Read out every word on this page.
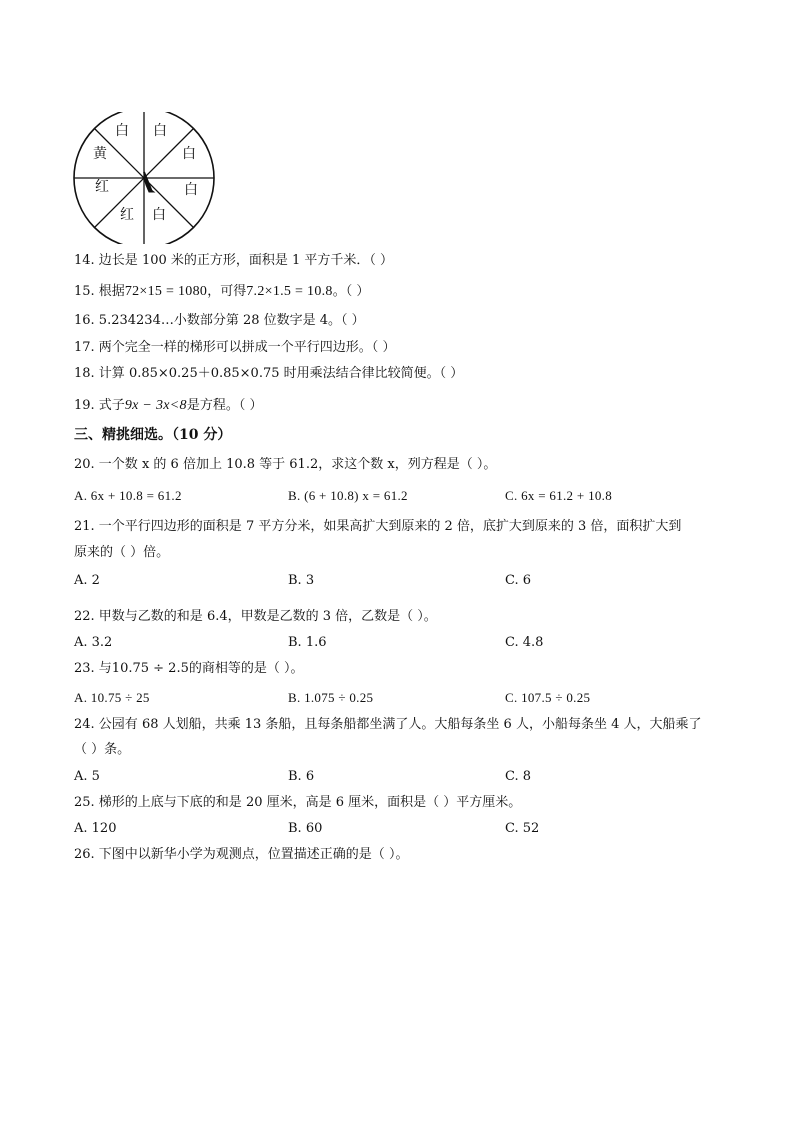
白 白
白
白
白
红
红
黄
14. 边长是 100 米的正方形，面积是 1 平方千米．（ ）
15. 根据72×15 = 1080，可得7.2×1.5 = 10.8。（ ）
16. 5.234234…小数部分第 28 位数字是 4。（ ）
17. 两个完全一样的梯形可以拼成一个平行四边形。（ ）
18. 计算 0.85×0.25＋0.85×0.75 时用乘法结合律比较简便。（ ）
19. 式子9x − 3x<8是方程。（ ）
三、精挑细选。（10 分）
20. 一个数 x 的 6 倍加上 10.8 等于 61.2，求这个数 x，列方程是（ ）。
A. 6x + 10.8 = 61.2	B. (6 + 10.8) x = 61.2	C. 6x = 61.2 + 10.8
21. 一个平行四边形的面积是 7 平方分米，如果高扩大到原来的 2 倍，底扩大到原来的 3 倍，面积扩大到
原来的（ ）倍。
A. 2	B. 3	C. 6
22. 甲数与乙数的和是 6.4，甲数是乙数的 3 倍，乙数是（ ）。
A. 3.2	B. 1.6	C. 4.8
23. 与10.75 ÷ 2.5的商相等的是（ ）。
A. 10.75 ÷ 25	B. 1.075 ÷ 0.25	C. 107.5 ÷ 0.25
24. 公园有 68 人划船，共乘 13 条船，且每条船都坐满了人。大船每条坐 6 人，小船每条坐 4 人，大船乘了
（ ）条。
A. 5	B. 6	C. 8
25. 梯形的上底与下底的和是 20 厘米，高是 6 厘米，面积是（ ）平方厘米。
A. 120	B. 60	C. 52
26. 下图中以新华小学为观测点，位置描述正确的是（ ）。
